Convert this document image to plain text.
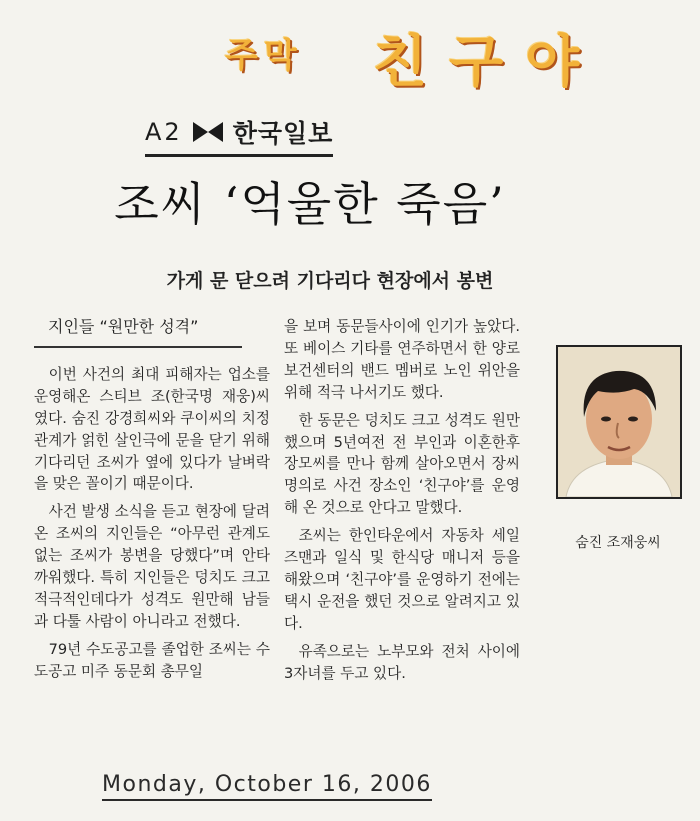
주막 친구야
A2 한국일보
조씨 ‘억울한 죽음’
가게 문 닫으려 기다리다 현장에서 봉변
지인들 “원만한 성격”

이번 사건의 최대 피해자는 업소를 운영해온 스티브 조(한국명 재웅)씨였다. 숨진 강경희씨와 쿠이씨의 치정관계가 얽힌 살인극에 문을 닫기 위해 기다리던 조씨가 옆에 있다가 날벼락을 맞은 꼴이기 때문이다.

사건 발생 소식을 듣고 현장에 달려온 조씨의 지인들은 “아무런 관계도 없는 조씨가 봉변을 당했다”며 안타까워했다. 특히 지인들은 덩치도 크고 적극적인데다가 성격도 원만해 남들과 다툴 사람이 아니라고 전했다.

79년 수도공고를 졸업한 조씨는 수도공고 미주 동문회 총무일

을 보며 동문들사이에 인기가 높았다. 또 베이스 기타를 연주하면서 한 양로보건센터의 밴드 멤버로 노인 위안을 위해 적극 나서기도 했다.

한 동문은 덩치도 크고 성격도 원만했으며 5년여전 전 부인과 이혼한후 장모씨를 만나 함께 살아오면서 장씨 명의로 사건 장소인 ‘친구야’를 운영해 온 것으로 안다고 말했다.

조씨는 한인타운에서 자동차 세일즈맨과 일식 및 한식당 매니저 등을 해왔으며 ‘친구야’를 운영하기 전에는 택시 운전을 했던 것으로 알려지고 있다.

유족으로는 노부모와 전처 사이에 3자녀를 두고 있다.

숨진 조재웅씨
Monday, October 16, 2006
